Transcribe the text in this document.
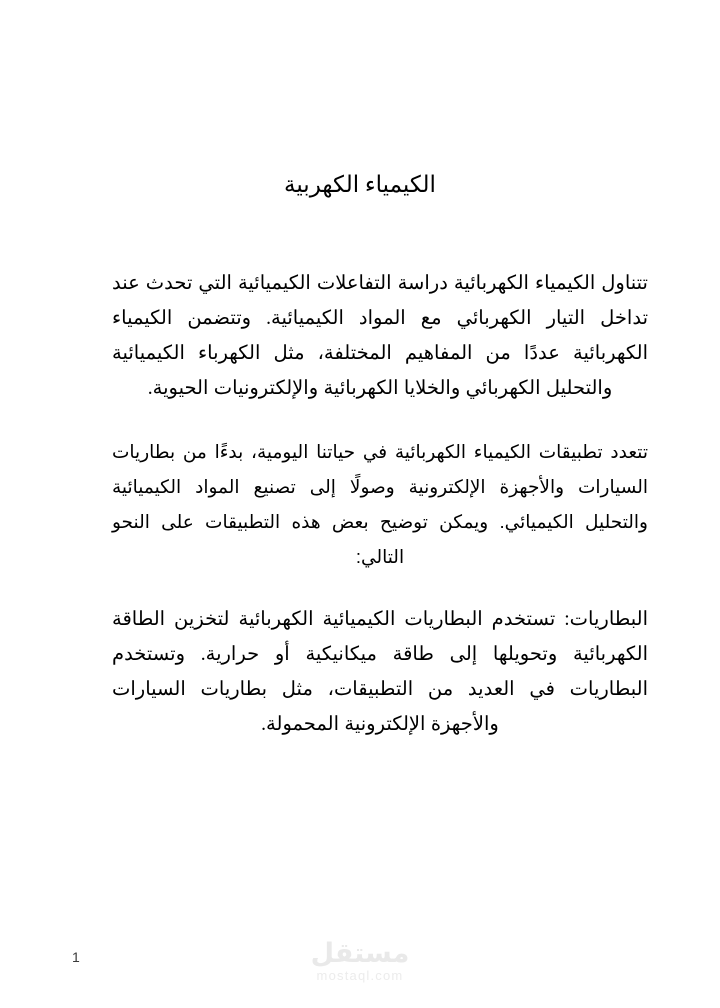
الكيمياء الكهربية

تتناول الكيمياء الكهربائية دراسة التفاعلات الكيميائية التي تحدث عند تداخل التيار الكهربائي مع المواد الكيميائية. وتتضمن الكيمياء الكهربائية عددًا من المفاهيم المختلفة، مثل الكهرباء الكيميائية والتحليل الكهربائي والخلايا الكهربائية والإلكترونيات الحيوية.

تتعدد تطبيقات الكيمياء الكهربائية في حياتنا اليومية، بدءًا من بطاريات السيارات والأجهزة الإلكترونية وصولًا إلى تصنيع المواد الكيميائية والتحليل الكيميائي. ويمكن توضيح بعض هذه التطبيقات على النحو التالي:

البطاريات: تستخدم البطاريات الكيميائية الكهربائية لتخزين الطاقة الكهربائية وتحويلها إلى طاقة ميكانيكية أو حرارية. وتستخدم البطاريات في العديد من التطبيقات، مثل بطاريات السيارات والأجهزة الإلكترونية المحمولة.

مستقل
mostaql.com
1
